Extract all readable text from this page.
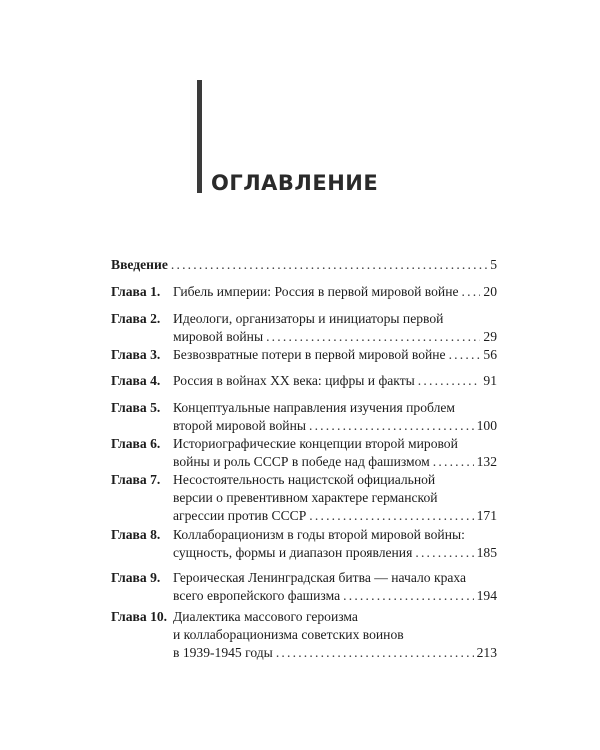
ОГЛАВЛЕНИЕ
Введение . . .	5
Глава 1. Гибель империи: Россия в первой мировой войне . . . 20
Глава 2. Идеологи, организаторы и инициаторы первой
мировой войны . . .	29
Глава 3. Безвозвратные потери в первой мировой войне . . .	56
Глава 4. Россия в войнах XX века: цифры и факты . . .	91
Глава 5. Концептуальные направления изучения проблем
второй мировой войны . . .	100
Глава 6. Историографические концепции второй мировой
войны и роль СССР в победе над фашизмом . . .	132
Глава 7. Несостоятельность нацистской официальной
версии о превентивном характере германской
агрессии против СССР . . .	171
Глава 8. Коллаборационизм в годы второй мировой войны:
сущность, формы и диапазон проявления . . .	185
Глава 9. Героическая Ленинградская битва — начало краха
всего европейского фашизма . . .	194
Глава 10. Диалектика массового героизма
и коллаборационизма советских воинов
в 1939-1945 годы . . .	213
